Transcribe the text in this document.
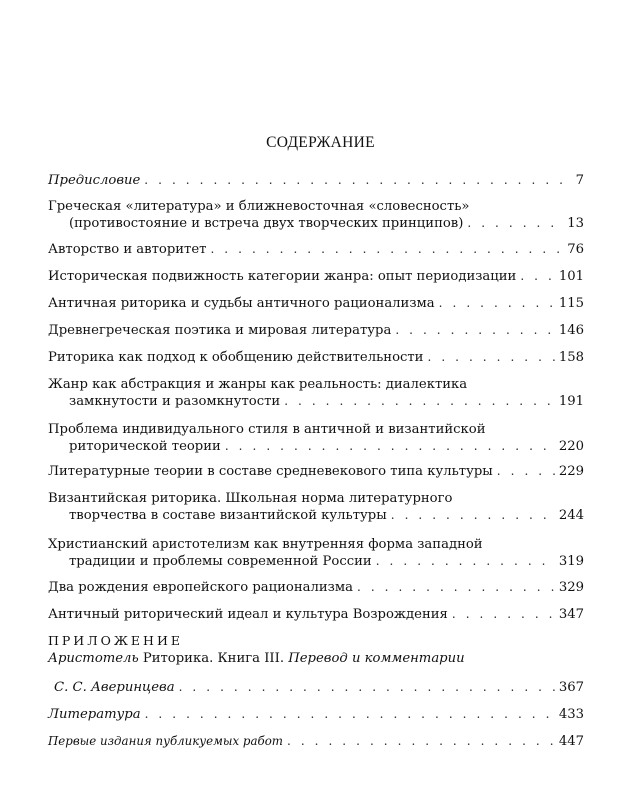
СОДЕРЖАНИЕ
Предисловие . . .	7
Греческая «литература» и ближневосточная «словесность»
(противостояние и встреча двух творческих принципов) . . .	13
Авторство и авторитет . . .	76
Историческая подвижность категории жанра: опыт периодизации . . .	101
Античная риторика и судьбы античного рационализма . . .	115
Древнегреческая поэтика и мировая литература . . .	146
Риторика как подход к обобщению действительности . . .	158
Жанр как абстракция и жанры как реальность: диалектика
замкнутости и разомкнутости . . .	191
Проблема индивидуального стиля в античной и византийской
риторической теории . . .	220
Литературные теории в составе средневекового типа культуры . . .	229
Византийская риторика. Школьная норма литературного
творчества в составе византийской культуры . . .	244
Христианский аристотелизм как внутренняя форма западной
традиции и проблемы современной России . . .	319
Два рождения европейского рационализма . . .	329
Античный риторический идеал и культура Возрождения . . .	347
ПРИЛОЖЕНИЕ
Аристотель Риторика. Книга III. Перевод и комментарии
С. С. Аверинцева . . .	367
Литература . . .	433
Первые издания публикуемых работ . . .	447
